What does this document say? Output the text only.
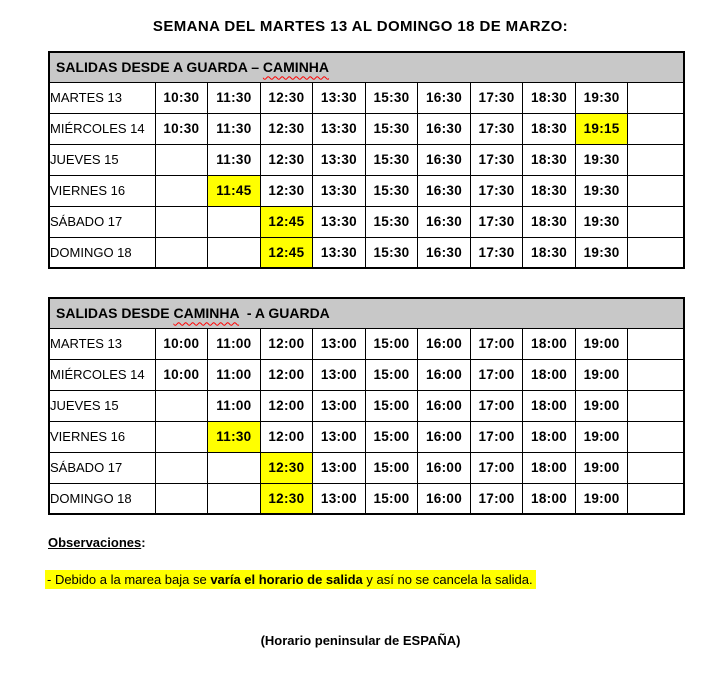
SEMANA DEL MARTES 13 AL DOMINGO 18 DE MARZO:
SALIDAS DESDE A GUARDA – CAMINHA										
MARTES 13	10:30	11:30	12:30	13:30	15:30	16:30	17:30	18:30	19:30	
MIÉRCOLES 14	10:30	11:30	12:30	13:30	15:30	16:30	17:30	18:30	19:15	
JUEVES 15		11:30	12:30	13:30	15:30	16:30	17:30	18:30	19:30	
VIERNES 16		11:45	12:30	13:30	15:30	16:30	17:30	18:30	19:30	
SÁBADO 17			12:45	13:30	15:30	16:30	17:30	18:30	19:30	
DOMINGO 18			12:45	13:30	15:30	16:30	17:30	18:30	19:30	
SALIDAS DESDE CAMINHA  - A GUARDA										
MARTES 13	10:00	11:00	12:00	13:00	15:00	16:00	17:00	18:00	19:00	
MIÉRCOLES 14	10:00	11:00	12:00	13:00	15:00	16:00	17:00	18:00	19:00	
JUEVES 15		11:00	12:00	13:00	15:00	16:00	17:00	18:00	19:00	
VIERNES 16		11:30	12:00	13:00	15:00	16:00	17:00	18:00	19:00	
SÁBADO 17			12:30	13:00	15:00	16:00	17:00	18:00	19:00	
DOMINGO 18			12:30	13:00	15:00	16:00	17:00	18:00	19:00	
Observaciones:
- Debido a la marea baja se varía el horario de salida y así no se cancela la salida.
(Horario peninsular de ESPAÑA)
